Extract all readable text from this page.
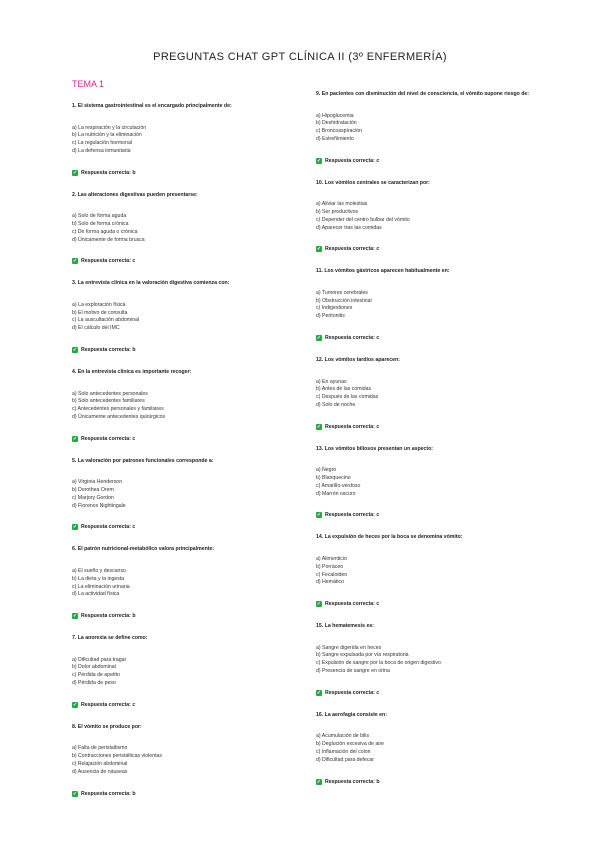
PREGUNTAS CHAT GPT CLÍNICA II (3º ENFERMERÍA)
TEMA 1
1. El sistema gastrointestinal es el encargado principalmente de:
a) La respiración y la circulación
b) La nutrición y la eliminación
c) La regulación hormonal
d) La defensa inmunitaria
✓ Respuesta correcta: b
2. Las alteraciones digestivas pueden presentarse:
a) Solo de forma aguda
b) Solo de forma crónica
c) De forma aguda o crónica
d) Únicamente de forma brusca
✓ Respuesta correcta: c
3. La entrevista clínica en la valoración digestiva comienza con:
a) La exploración física
b) El motivo de consulta
c) La auscultación abdominal
d) El cálculo del IMC
✓ Respuesta correcta: b
4. En la entrevista clínica es importante recoger:
a) Solo antecedentes personales
b) Solo antecedentes familiares
c) Antecedentes personales y familiares
d) Únicamente antecedentes quirúrgicos
✓ Respuesta correcta: c
5. La valoración por patrones funcionales corresponde a:
a) Virginia Henderson
b) Dorothea Orem
c) Marjory Gordon
d) Florence Nightingale
✓ Respuesta correcta: c
6. El patrón nutricional-metabólico valora principalmente:
a) El sueño y descanso
b) La dieta y la ingesta
c) La eliminación urinaria
d) La actividad física
✓ Respuesta correcta: b
7. La anorexia se define como:
a) Dificultad para tragar
b) Dolor abdominal
c) Pérdida de apetito
d) Pérdida de peso
✓ Respuesta correcta: c
8. El vómito se produce por:
a) Falta de peristaltismo
b) Contracciones peristálticas violentas
c) Relajación abdominal
d) Ausencia de náuseas
✓ Respuesta correcta: b
9. En pacientes con disminución del nivel de consciencia, el vómito supone riesgo de:
a) Hipoglucemia
b) Deshidratación
c) Broncoaspiración
d) Estreñimiento
✓ Respuesta correcta: c
10. Los vómitos centrales se caracterizan por:
a) Aliviar las molestias
b) Ser productivos
c) Depender del centro bulbar del vómito
d) Aparecer tras las comidas
✓ Respuesta correcta: c
11. Los vómitos gástricos aparecen habitualmente en:
a) Tumores cerebrales
b) Obstrucción intestinal
c) Indigestiones
d) Peritonitis
✓ Respuesta correcta: c
12. Los vómitos tardíos aparecen:
a) En ayunas
b) Antes de las comidas
c) Después de las comidas
d) Solo de noche
✓ Respuesta correcta: c
13. Los vómitos biliosos presentan un aspecto:
a) Negro
b) Blanquecino
c) Amarillo-verdoso
d) Marrón oscuro
✓ Respuesta correcta: c
14. La expulsión de heces por la boca se denomina vómito:
a) Alimenticio
b) Porráceo
c) Fecaloideo
d) Hemático
✓ Respuesta correcta: c
15. La hematemesis es:
a) Sangre digerida en heces
b) Sangre expulsada por vía respiratoria
c) Expulsión de sangre por la boca de origen digestivo
d) Presencia de sangre en orina
✓ Respuesta correcta: c
16. La aerofagia consiste en:
a) Acumulación de bilis
b) Deglución excesiva de aire
c) Inflamación del colon
d) Dificultad para defecar
✓ Respuesta correcta: b
